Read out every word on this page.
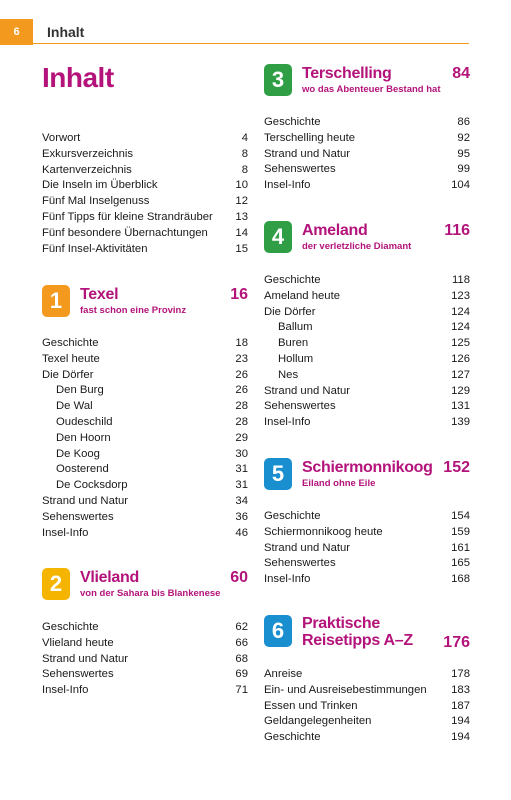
6	Inhalt
Inhalt
Vorwort	4
Exkursverzeichnis	8
Kartenverzeichnis	8
Die Inseln im Überblick	10
Fünf Mal Inselgenuss	12
Fünf Tipps für kleine Strandräuber 13
Fünf besondere Übernachtungen 14
Fünf Insel-Aktivitäten	15
1	Texel
fast schon eine Provinz
16
Geschichte	18
Texel heute	23
Die Dörfer	26
Den Burg	26
De Wal	28
Oudeschild	28
Den Hoorn	29
De Koog	30
Oosterend	31
De Cocksdorp	31
Strand und Natur	34
Sehenswertes	36
Insel-Info	46
2	Vlieland
von der Sahara bis Blankenese
60
Geschichte	62
Vlieland heute	66
Strand und Natur	68
Sehenswertes	69
Insel-Info	71
3	Terschelling
wo das Abenteuer Bestand hat
84
Geschichte	86
Terschelling heute	92
Strand und Natur	95
Sehenswertes	99
Insel-Info	104
4	Ameland
der verletzliche Diamant
116
Geschichte	118
Ameland heute	123
Die Dörfer	124
Ballum	124
Buren	125
Hollum	126
Nes	127
Strand und Natur	129
Sehenswertes	131
Insel-Info	139
5	Schiermonnikoog
Eiland ohne Eile
152
Geschichte	154
Schiermonnikoog heute	159
Strand und Natur	161
Sehenswertes	165
Insel-Info	168
6	Praktische
Reisetipps A–Z 176
Anreise	178
Ein- und Ausreisebestimmungen 183
Essen und Trinken	187
Geldangelegenheiten	194
Geschichte	194
